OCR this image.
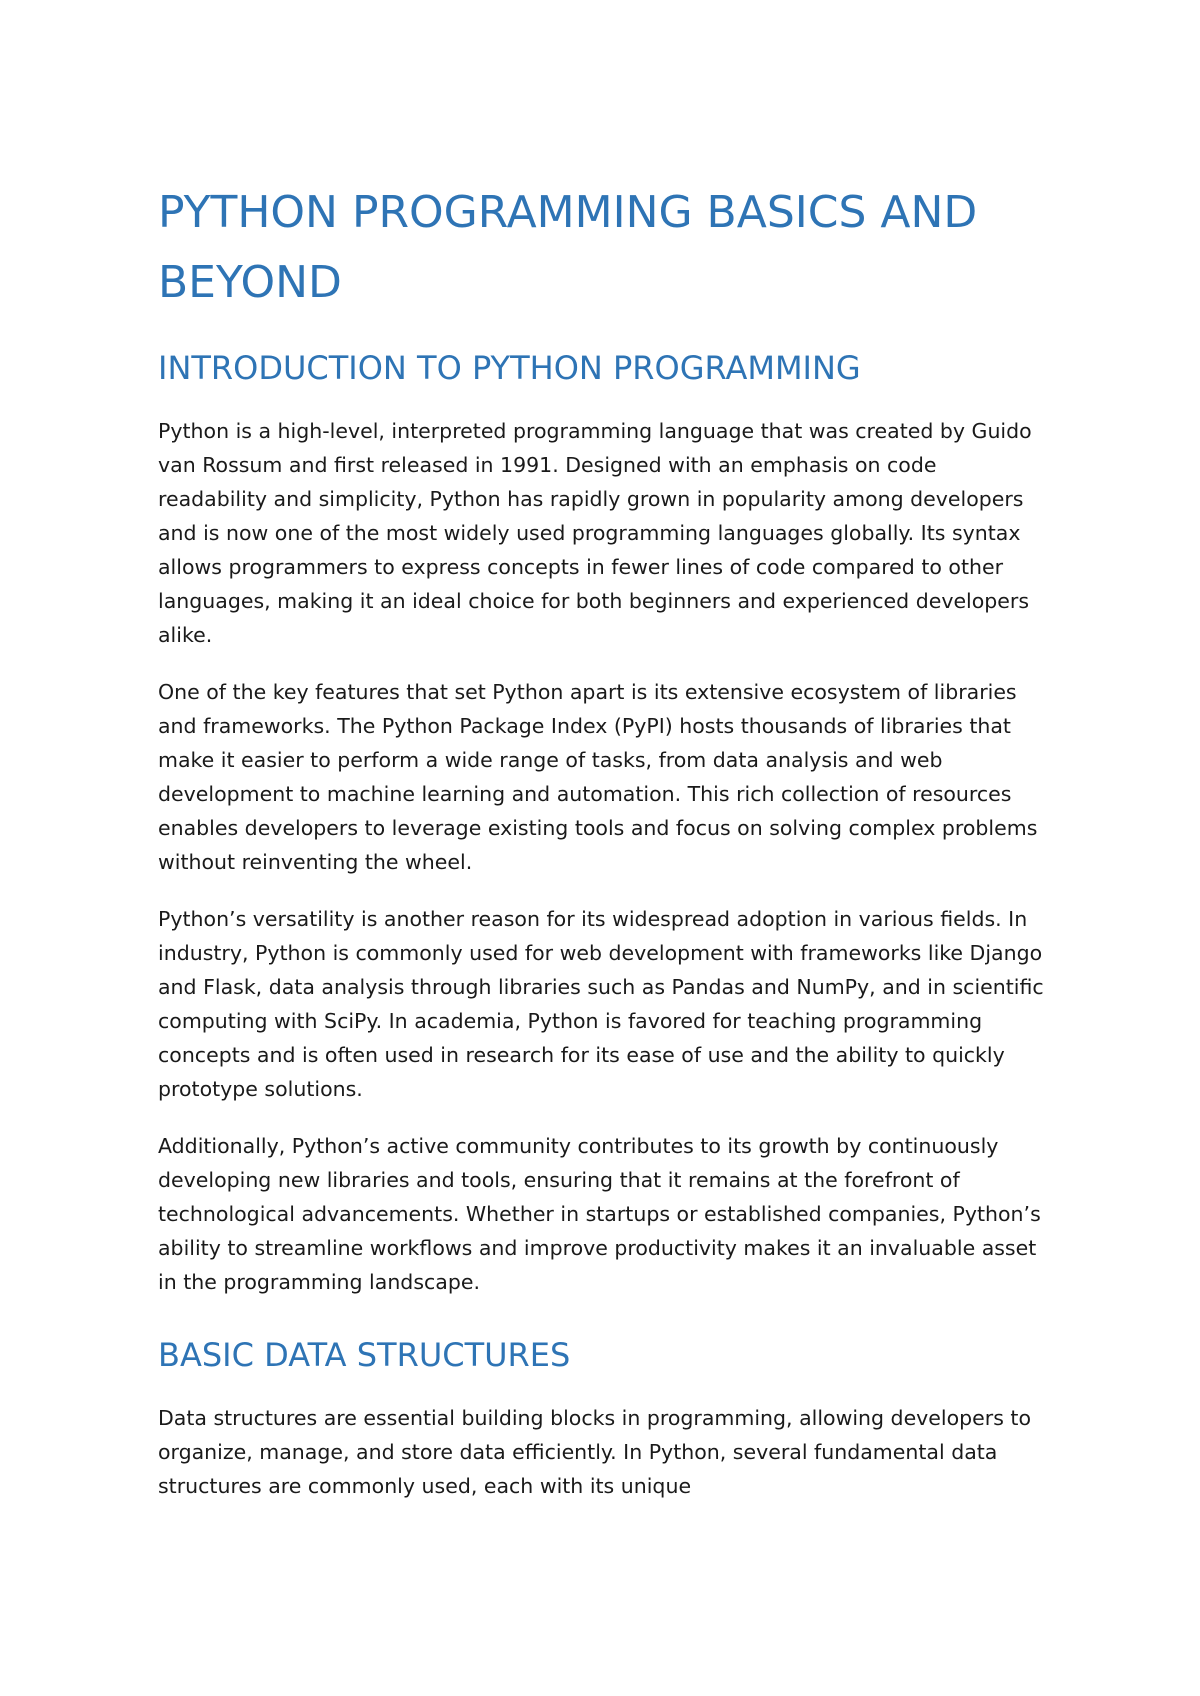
PYTHON PROGRAMMING BASICS AND BEYOND
INTRODUCTION TO PYTHON PROGRAMMING

Python is a high-level, interpreted programming language that was created by Guido van Rossum and first released in 1991. Designed with an emphasis on code readability and simplicity, Python has rapidly grown in popularity among developers and is now one of the most widely used programming languages globally. Its syntax allows programmers to express concepts in fewer lines of code compared to other languages, making it an ideal choice for both beginners and experienced developers alike.

One of the key features that set Python apart is its extensive ecosystem of libraries and frameworks. The Python Package Index (PyPI) hosts thousands of libraries that make it easier to perform a wide range of tasks, from data analysis and web development to machine learning and automation. This rich collection of resources enables developers to leverage existing tools and focus on solving complex problems without reinventing the wheel.

Python’s versatility is another reason for its widespread adoption in various fields. In industry, Python is commonly used for web development with frameworks like Django and Flask, data analysis through libraries such as Pandas and NumPy, and in scientific computing with SciPy. In academia, Python is favored for teaching programming concepts and is often used in research for its ease of use and the ability to quickly prototype solutions.

Additionally, Python’s active community contributes to its growth by continuously developing new libraries and tools, ensuring that it remains at the forefront of technological advancements. Whether in startups or established companies, Python’s ability to streamline workflows and improve productivity makes it an invaluable asset in the programming landscape.

BASIC DATA STRUCTURES

Data structures are essential building blocks in programming, allowing developers to organize, manage, and store data efficiently. In Python, several fundamental data structures are commonly used, each with its unique
